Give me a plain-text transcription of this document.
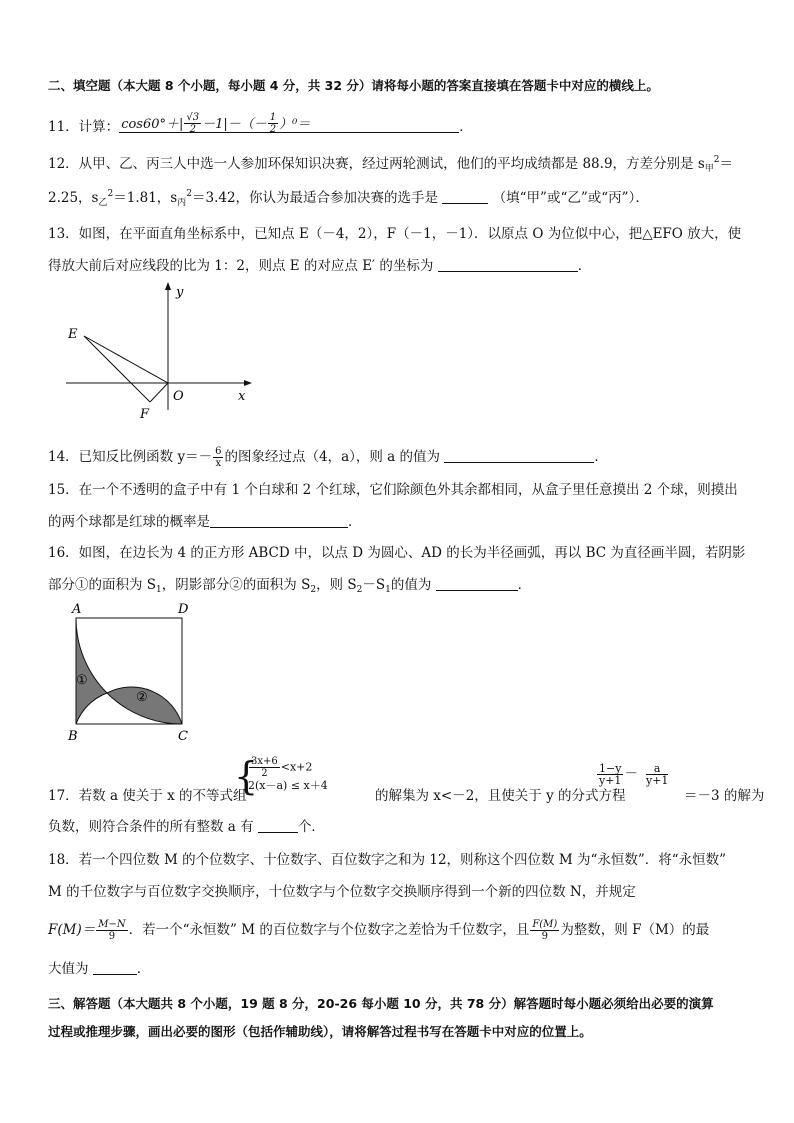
二、填空题（本大题 8 个小题，每小题 4 分，共 32 分）请将每小题的答案直接填在答题卡中对应的横线上。
11．计算： $\cos 60^\circ+| \frac{√3}{2} -1|-(- \frac{1}{2} )^0=$	．
12．从甲、乙、丙三人中选一人参加环保知识决赛，经过两轮测试，他们的平均成绩都是 88.9，方差分别是 $s_甲^2=$
2.25，$s_乙^2=1.81$，$s_丙^2=3.42$，你认为最适合参加决赛的选手是	（填“甲”或“乙”或“丙”）．
13．如图，在平面直角坐标系中，已知点 E（－4，2），F（－1，－1）．以原点 O 为位似中心，把△EFO 放大，使
得放大前后对应线段的比为 1：2，则点 E 的对应点 E′ 的坐标为	．
y
x
E
F
O
14．已知反比例函数 $y=- \frac{6}{x}$ 的图象经过点（4，a），则 a 的值为	．
15．在一个不透明的盒子中有 1 个白球和 2 个红球，它们除颜色外其余都相同，从盒子里任意摸出 2 个球，则摸出
的两个球都是红球的概率是	．
16．如图，在边长为 4 的正方形 ABCD 中，以点 D 为圆心、AD 的长为半径画弧，再以 BC 为直径画半圆，若阴影
部分①的面积为 $S_1$，阴影部分②的面积为 $S_2$，则 $S_2-S_1$的值为	．
A	D
B	C
①
②
17．若数 a 使关于 x 的不等式组
{
$\frac{3x+6}{2} <x+2$
2(x－a) ≤ x＋4
的解集为 x<－2，且使关于 y 的分式方程
$\frac{1-y}{y+1} - \frac{a}{y+1}$
＝－3 的解为
负数，则符合条件的所有整数 a 有	个．
18．若一个四位数 M 的个位数字、十位数字、百位数字之和为 12，则称这个四位数 M 为“永恒数”．将“永恒数”
M 的千位数字与百位数字交换顺序，十位数字与个位数字交换顺序得到一个新的四位数 N，并规定
$F(M)= \frac{M-N}{9}$ ．若一个“永恒数” M 的百位数字与个位数字之差恰为千位数字，且 $\frac{F(M)}{9}$ 为整数，则 F（M）的最
大值为	．
三、解答题（本大题共 8 个小题，19 题 8 分，20-26 每小题 10 分，共 78 分）解答题时每小题必须给出必要的演算
过程或推理步骤，画出必要的图形（包括作辅助线），请将解答过程书写在答题卡中对应的位置上。
